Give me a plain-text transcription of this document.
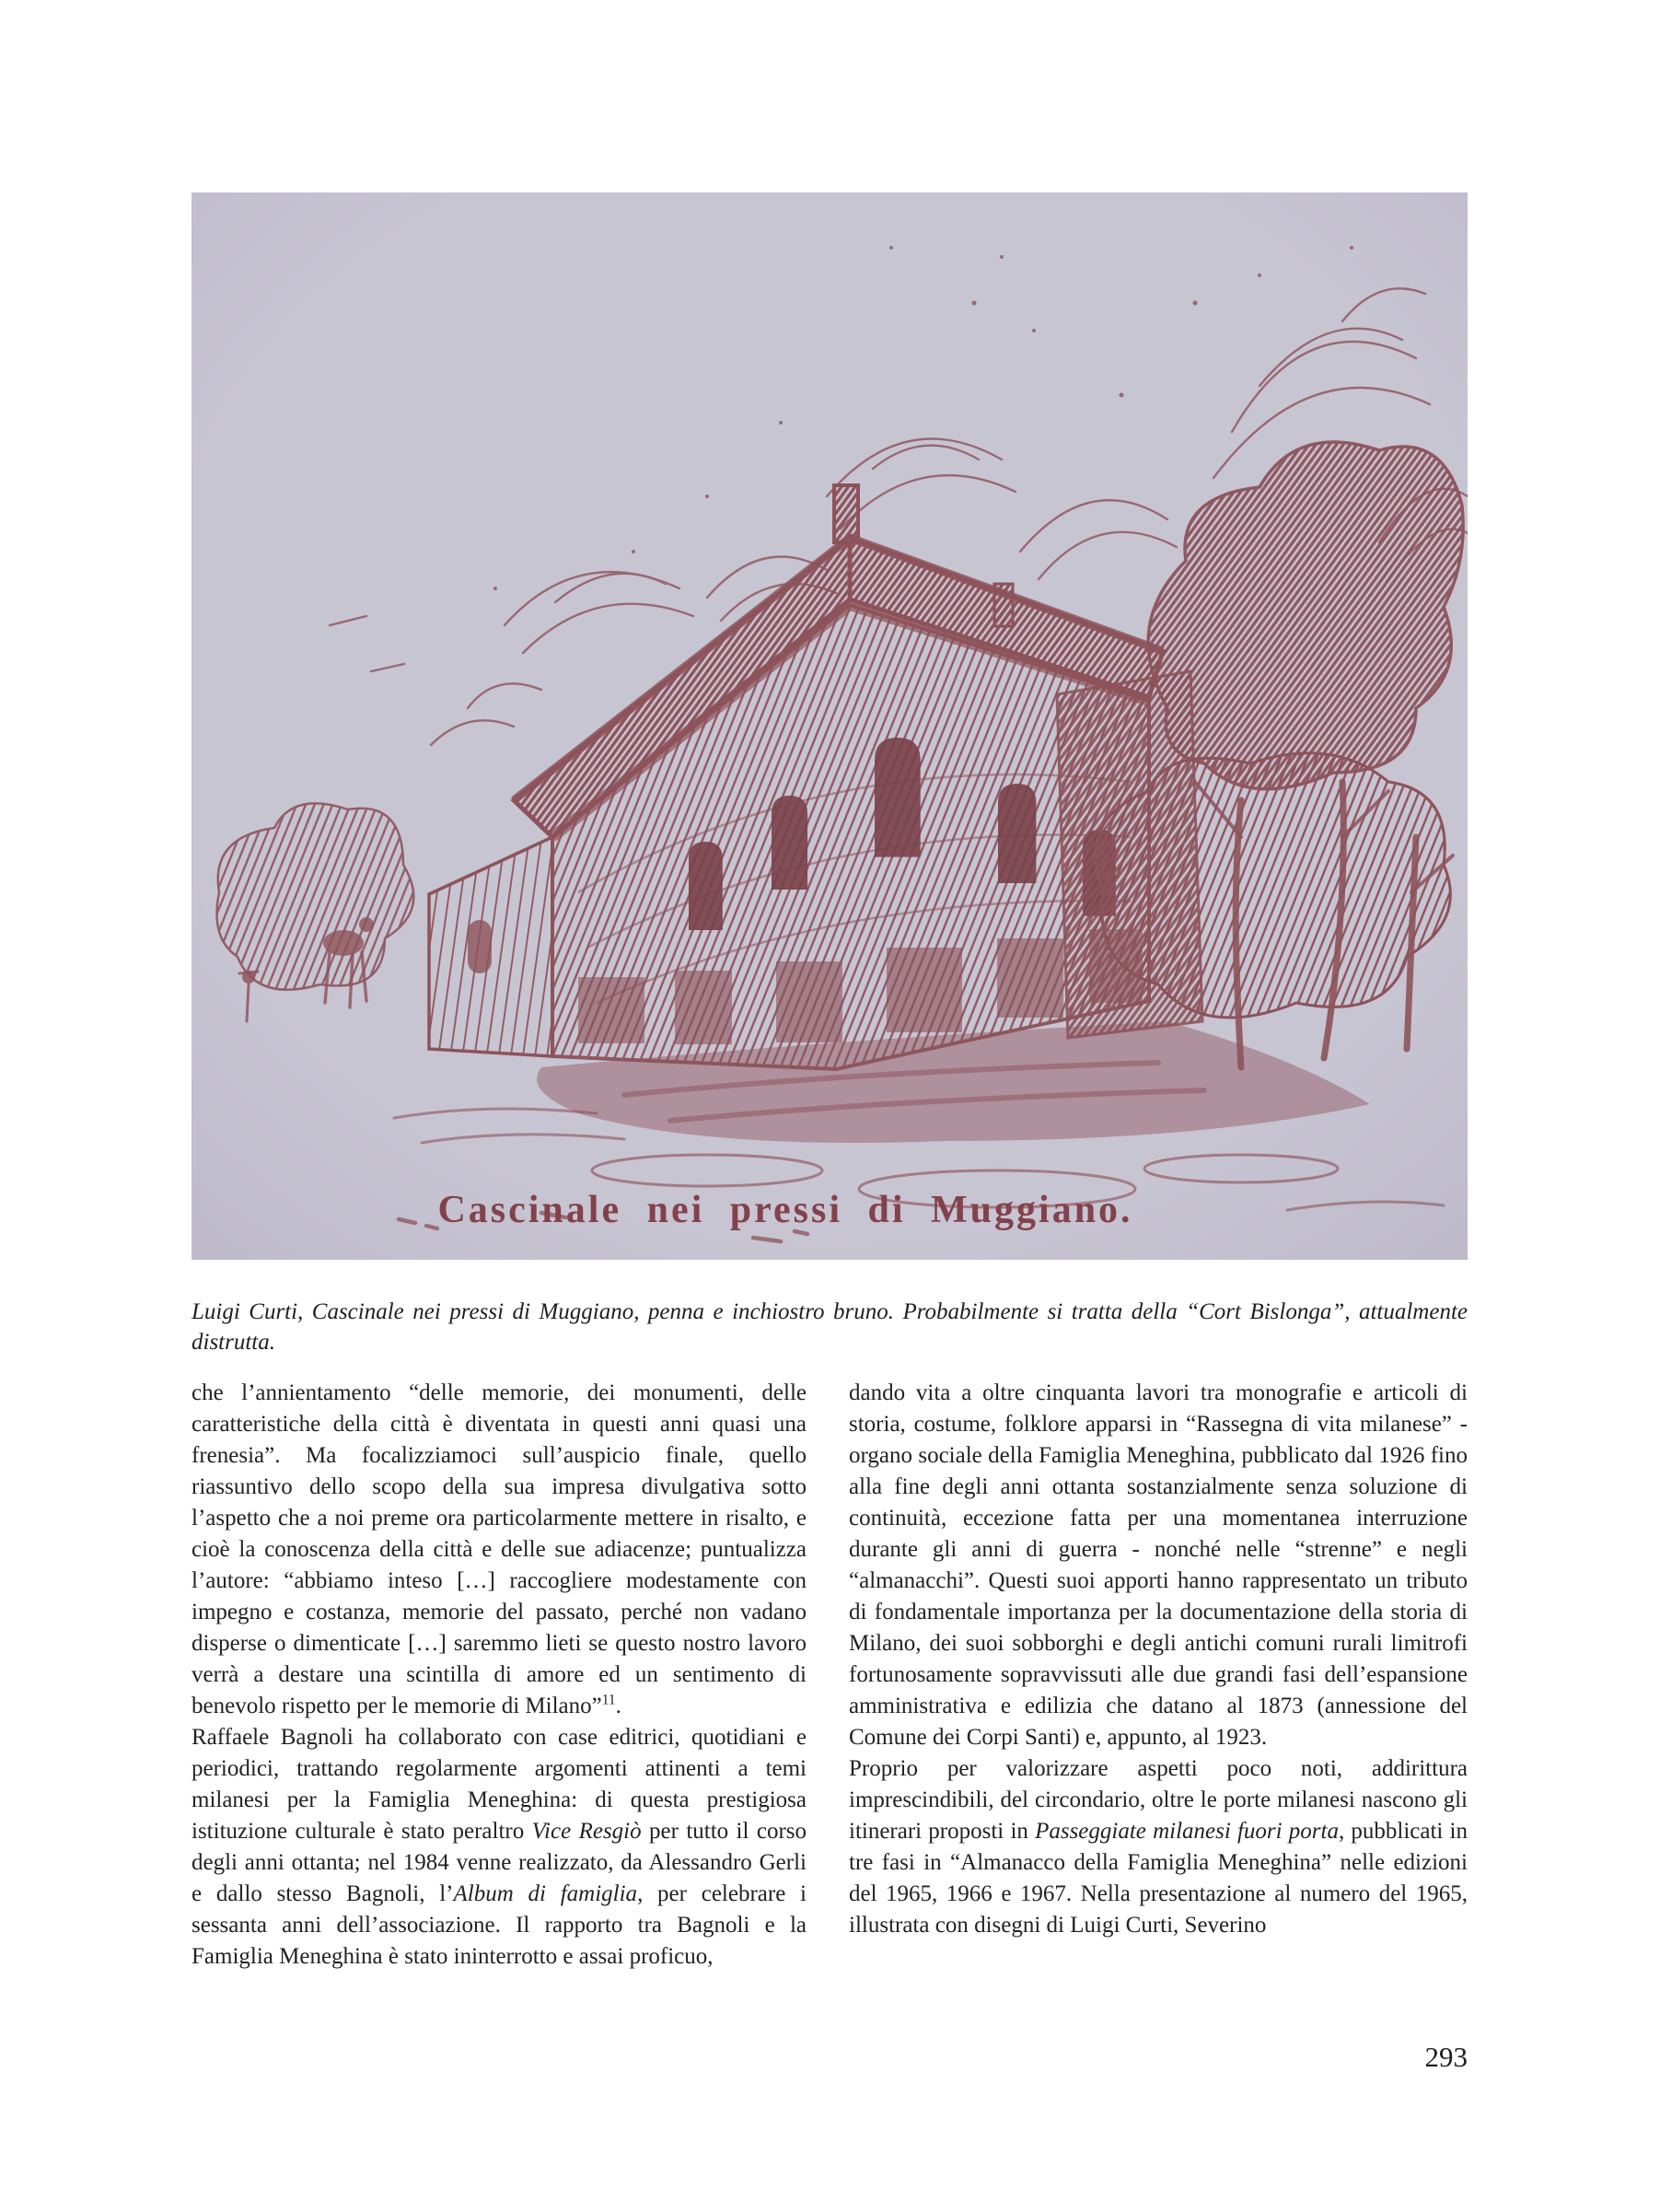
Luigi Curti, Cascinale nei pressi di Muggiano, penna e inchiostro bruno. Probabilmente si tratta della “Cort Bislonga”, attualmente
distrutta.

che l’annientamento “delle memorie, dei monumenti, delle caratteristiche della città è diventata in questi anni quasi una frenesia”. Ma focalizziamoci sull’auspicio finale, quello riassuntivo dello scopo della sua impresa divulgativa sotto l’aspetto che a noi preme ora particolarmente mettere in risalto, e cioè la conoscenza della città e delle sue adiacenze; puntualizza l’autore: “abbiamo inteso […] raccogliere modestamente con impegno e costanza, memorie del passato, perché non vadano disperse o dimenticate […] saremmo lieti se questo nostro lavoro verrà a destare una scintilla di amore ed un sentimento di benevolo rispetto per le memorie di Milano”$^{11}$.

Raffaele Bagnoli ha collaborato con case editrici, quotidiani e periodici, trattando regolarmente argomenti attinenti a temi milanesi per la Famiglia Meneghina: di questa prestigiosa istituzione culturale è stato peraltro Vice Resgiò per tutto il corso degli anni ottanta; nel 1984 venne realizzato, da Alessandro Gerli e dallo stesso Bagnoli, l’Album di famiglia, per celebrare i sessanta anni dell’associazione. Il rapporto tra Bagnoli e la Famiglia Meneghina è stato ininterrotto e assai proficuo,

dando vita a oltre cinquanta lavori tra monografie e articoli di storia, costume, folklore apparsi in “Rassegna di vita milanese” - organo sociale della Famiglia Meneghina, pubblicato dal 1926 fino alla fine degli anni ottanta sostanzialmente senza soluzione di continuità, eccezione fatta per una momentanea interruzione durante gli anni di guerra - nonché nelle “strenne” e negli “almanacchi”. Questi suoi apporti hanno rappresentato un tributo di fondamentale importanza per la documentazione della storia di Milano, dei suoi sobborghi e degli antichi comuni rurali limitrofi fortunosamente sopravvissuti alle due grandi fasi dell’espansione amministrativa e edilizia che datano al 1873 (annessione del Comune dei Corpi Santi) e, appunto, al 1923.

Proprio per valorizzare aspetti poco noti, addirittura imprescindibili, del circondario, oltre le porte milanesi nascono gli itinerari proposti in Passeggiate milanesi fuori porta, pubblicati in tre fasi in “Almanacco della Famiglia Meneghina” nelle edizioni del 1965, 1966 e 1967. Nella presentazione al numero del 1965, illustrata con disegni di Luigi Curti, Severino

293
